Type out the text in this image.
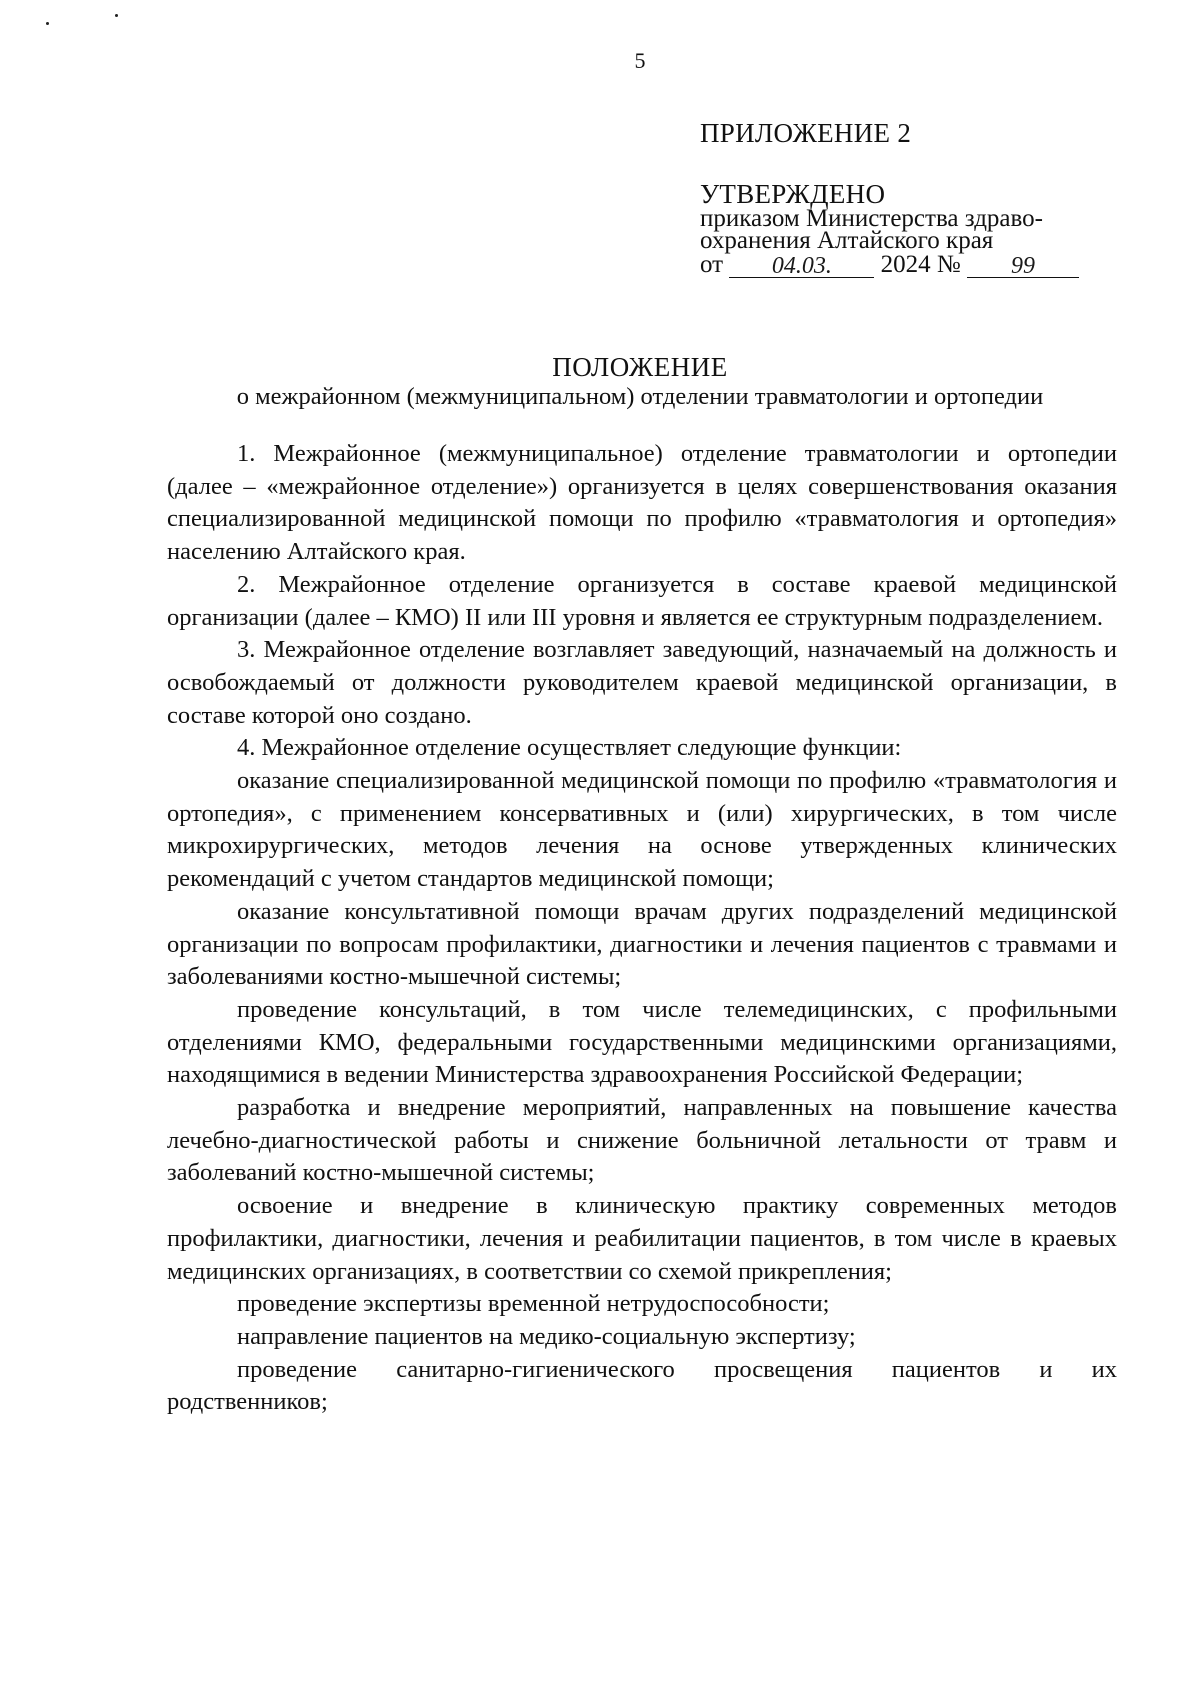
5
ПРИЛОЖЕНИЕ 2
УТВЕРЖДЕНО
приказом Министерства здраво-
охранения Алтайского края
от	04.03.	2024 №	99
ПОЛОЖЕНИЕ
о межрайонном (межмуниципальном) отделении травматологии и ортопедии

1. Межрайонное (межмуниципальное) отделение травматологии и ортопедии (далее – «межрайонное отделение») организуется в целях совершенствования оказания специализированной медицинской помощи по профилю «травматология и ортопедия» населению Алтайского края.

2. Межрайонное отделение организуется в составе краевой медицинской организации (далее – КМО) II или III уровня и является ее структурным подразделением.

3. Межрайонное отделение возглавляет заведующий, назначаемый на должность и освобождаемый от должности руководителем краевой медицинской организации, в составе которой оно создано.

4. Межрайонное отделение осуществляет следующие функции:

оказание специализированной медицинской помощи по профилю «травматология и ортопедия», с применением консервативных и (или) хирургических, в том числе микрохирургических, методов лечения на основе утвержденных клинических рекомендаций с учетом стандартов медицинской помощи;

оказание консультативной помощи врачам других подразделений медицинской организации по вопросам профилактики, диагностики и лечения пациентов с травмами и заболеваниями костно-мышечной системы;

проведение консультаций, в том числе телемедицинских, с профильными отделениями КМО, федеральными государственными медицинскими организациями, находящимися в ведении Министерства здравоохранения Российской Федерации;

разработка и внедрение мероприятий, направленных на повышение качества лечебно-диагностической работы и снижение больничной летальности от травм и заболеваний костно-мышечной системы;

освоение и внедрение в клиническую практику современных методов профилактики, диагностики, лечения и реабилитации пациентов, в том числе в краевых медицинских организациях, в соответствии со схемой прикрепления;

проведение экспертизы временной нетрудоспособности;

направление пациентов на медико-социальную экспертизу;

проведение санитарно-гигиенического просвещения пациентов и их родственников;
